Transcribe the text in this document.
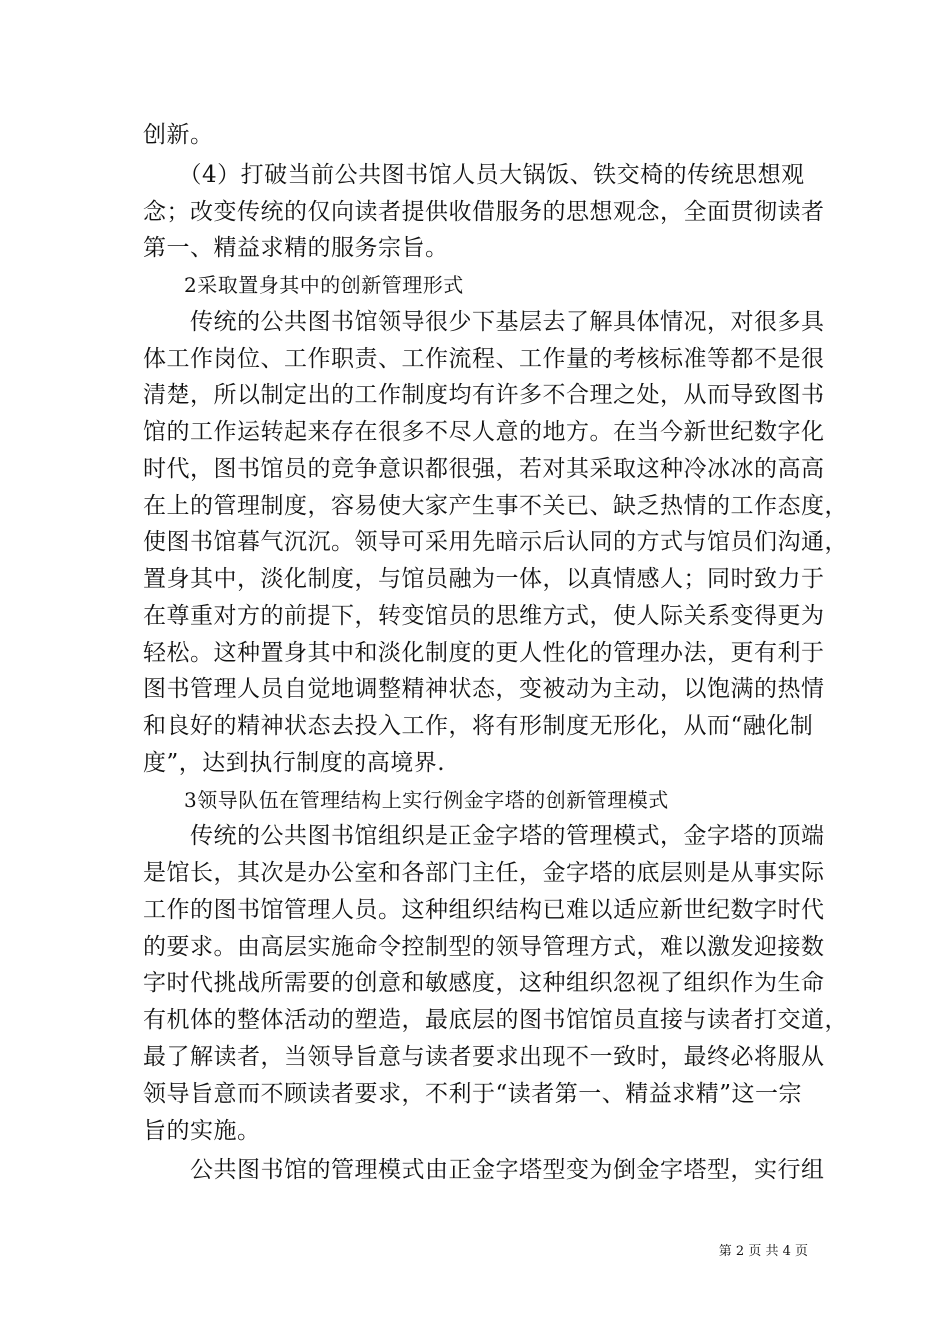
创新。
　　（4）打破当前公共图书馆人员大锅饭、铁交椅的传统思想观
念；改变传统的仅向读者提供收借服务的思想观念，全面贯彻读者
第一、精益求精的服务宗旨。
　　2采取置身其中的创新管理形式
　　传统的公共图书馆领导很少下基层去了解具体情况，对很多具
体工作岗位、工作职责、工作流程、工作量的考核标准等都不是很
清楚，所以制定出的工作制度均有许多不合理之处，从而导致图书
馆的工作运转起来存在很多不尽人意的地方。在当今新世纪数字化
时代，图书馆员的竞争意识都很强，若对其采取这种冷冰冰的高高
在上的管理制度，容易使大家产生事不关已、缺乏热情的工作态度，
使图书馆暮气沉沉。领导可采用先暗示后认同的方式与馆员们沟通，
置身其中，淡化制度，与馆员融为一体，以真情感人；同时致力于
在尊重对方的前提下，转变馆员的思维方式，使人际关系变得更为
轻松。这种置身其中和淡化制度的更人性化的管理办法，更有利于
图书管理人员自觉地调整精神状态，变被动为主动，以饱满的热情
和良好的精神状态去投入工作，将有形制度无形化，从而“融化制
度”，达到执行制度的高境界.
　　3领导队伍在管理结构上实行例金字塔的创新管理模式
　　传统的公共图书馆组织是正金字塔的管理模式，金字塔的顶端
是馆长，其次是办公室和各部门主任，金字塔的底层则是从事实际
工作的图书馆管理人员。这种组织结构已难以适应新世纪数字时代
的要求。由高层实施命令控制型的领导管理方式，难以激发迎接数
字时代挑战所需要的创意和敏感度，这种组织忽视了组织作为生命
有机体的整体活动的塑造，最底层的图书馆馆员直接与读者打交道，
最了解读者，当领导旨意与读者要求出现不一致时，最终必将服从
领导旨意而不顾读者要求，不利于“读者第一、精益求精”这一宗
旨的实施。
　　公共图书馆的管理模式由正金字塔型变为倒金字塔型，实行组
第 2 页 共 4 页
